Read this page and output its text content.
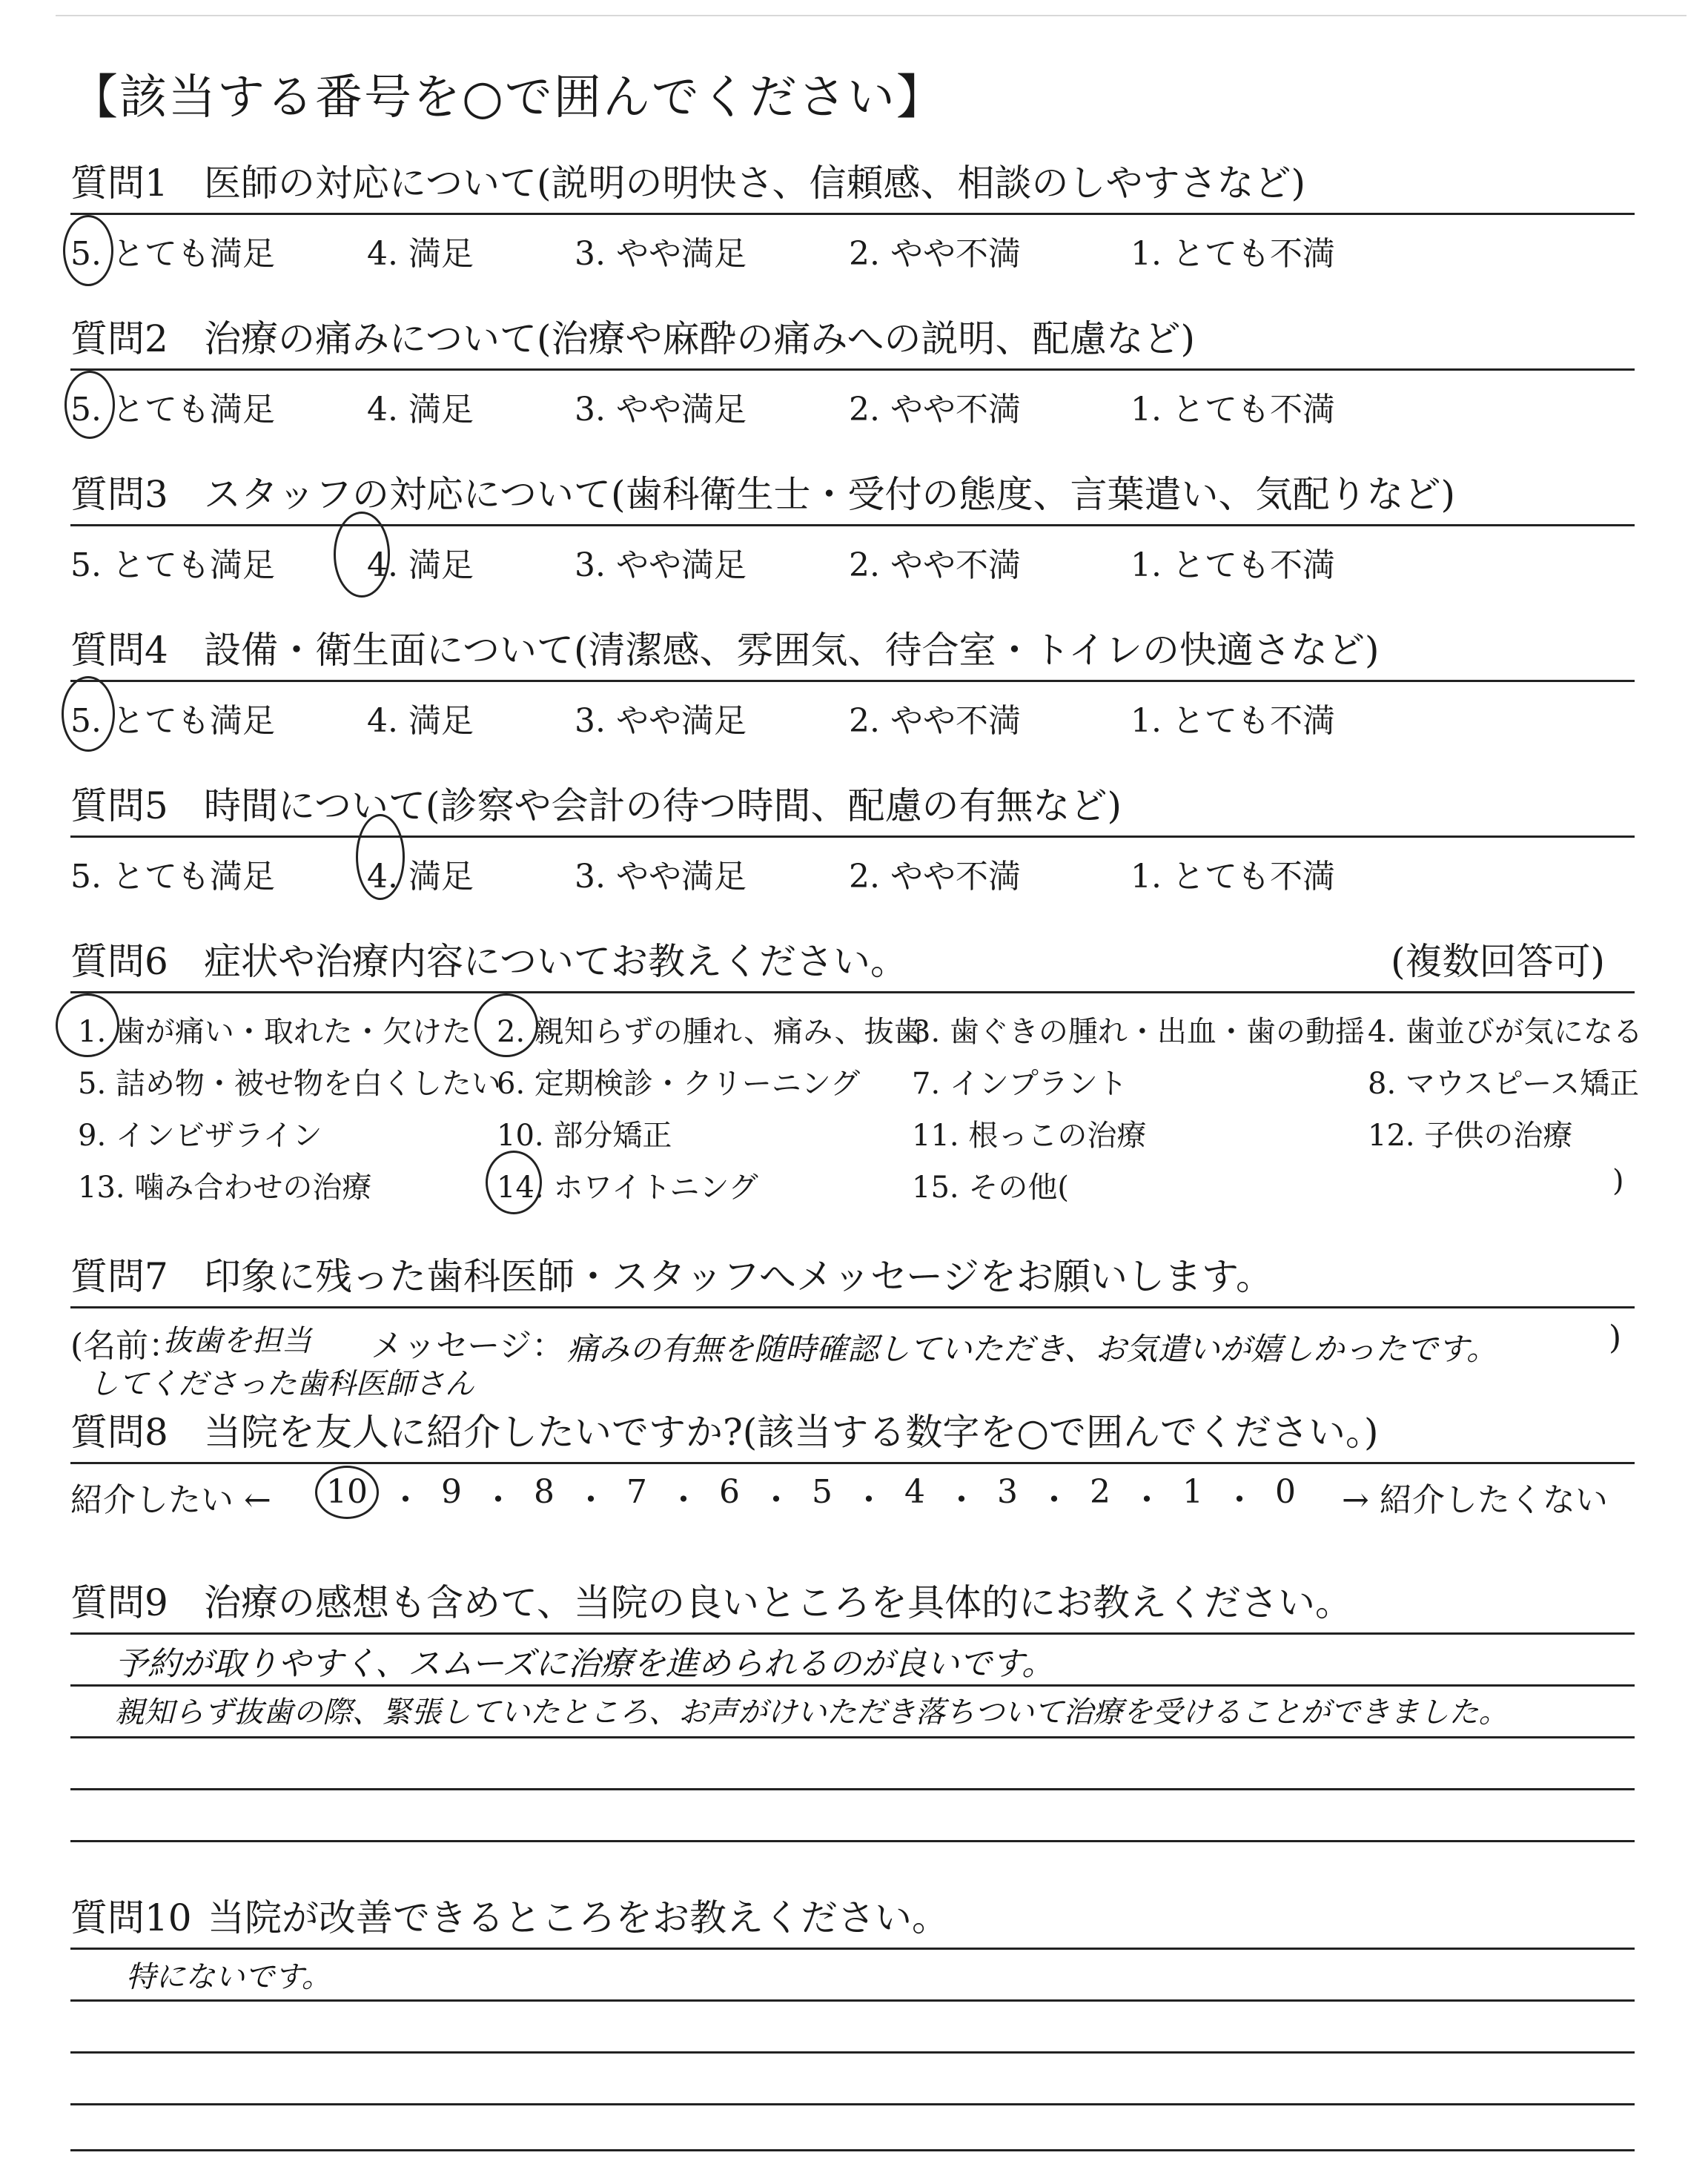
【該当する番号を○で囲んでください】
質問1 医師の対応について(説明の明快さ、信頼感、相談のしやすさなど)
5. とても満足	4. 満足	3. やや満足	2. やや不満	1. とても不満
質問2 治療の痛みについて(治療や麻酔の痛みへの説明、配慮など)
5. とても満足	4. 満足	3. やや満足	2. やや不満	1. とても不満
質問3 スタッフの対応について(歯科衛生士・受付の態度、言葉遣い、気配りなど)
5. とても満足	4. 満足	3. やや満足	2. やや不満	1. とても不満
質問4 設備・衛生面について(清潔感、雰囲気、待合室・トイレの快適さなど)
5. とても満足	4. 満足	3. やや満足	2. やや不満	1. とても不満
質問5 時間について(診察や会計の待つ時間、配慮の有無など)
5. とても満足	4. 満足	3. やや満足	2. やや不満	1. とても不満
質問6 症状や治療内容についてお教えください。	(複数回答可)
1. 歯が痛い・取れた・欠けた 2. 親知らずの腫れ、痛み、抜歯
3. 歯ぐきの腫れ・出血・歯の動揺 4. 歯並びが気になる
5. 詰め物・被せ物を白くしたい
6. 定期検診・クリーニング 7. インプラント	8. マウスピース矯正
9. インビザライン	10. 部分矯正	11. 根っこの治療	12. 子供の治療
13. 噛み合わせの治療	14. ホワイトニング	15. その他(	)
質問7 印象に残った歯科医師・スタッフへメッセージをお願いします。
(名前：
抜歯を担当
してくださった歯科医師さん
メッセージ： 痛みの有無を随時確認していただき、お気遣いが嬉しかったです。	)
質問8 当院を友人に紹介したいですか?(該当する数字を○で囲んでください。)
紹介したい ← 10 ・ 9 ・ 8 ・ 7 ・ 6 ・ 5 ・ 4 ・ 3 ・ 2 ・ 1 ・ 0 → 紹介したくない
質問9 治療の感想も含めて、当院の良いところを具体的にお教えください。
予約が取りやすく、スムーズに治療を進められるのが良いです。
親知らず抜歯の際、緊張していたところ、お声がけいただき落ちついて治療を受けることができました。
質問10 当院が改善できるところをお教えください。
特にないです。
